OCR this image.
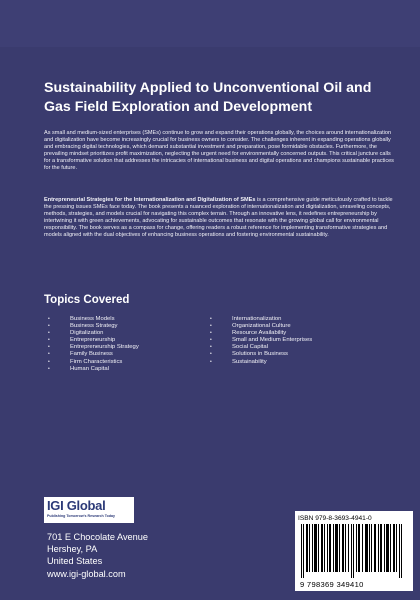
Sustainability Applied to Unconventional Oil and Gas Field Exploration and Development

As small and medium-sized enterprises (SMEs) continue to grow and expand their operations globally, the choices around internationalization and digitalization have become increasingly crucial for business owners to consider. The challenges inherent in expanding operations globally and embracing digital technologies, which demand substantial investment and preparation, pose formidable obstacles. Furthermore, the prevailing mindset prioritizes profit maximization, neglecting the urgent need for environmentally concerned outputs. This critical juncture calls for a transformative solution that addresses the intricacies of international business and digital operations and champions sustainable practices for the future.

Entrepreneurial Strategies for the Internationalization and Digitalization of SMEs is a comprehensive guide meticulously crafted to tackle the pressing issues SMEs face today. The book presents a nuanced exploration of internationalization and digitalization, unraveling concepts, methods, strategies, and models crucial for navigating this complex terrain. Through an innovative lens, it redefines entrepreneurship by intertwining it with green achievements, advocating for sustainable outcomes that resonate with the growing global call for environmental responsibility. The book serves as a compass for change, offering readers a robust reference for implementing transformative strategies and models aligned with the dual objectives of enhancing business operations and fostering environmental sustainability.

Topics Covered
• Business Models
• Business Strategy
• Digitalization
• Entrepreneurship
• Entrepreneurship Strategy
• Family Business
• Firm Characteristics
• Human Capital
• Internationalization
• Organizational Culture
• Resource Availability
• Small and Medium Enterprises
• Social Capital
• Solutions in Business
• Sustainability
IGI Global
Publishing Tomorrow's Research Today
701 E Chocolate Avenue
Hershey, PA
United States
www.igi-global.com
ISBN 979-8-3693-4941-0
9 798369 349410
